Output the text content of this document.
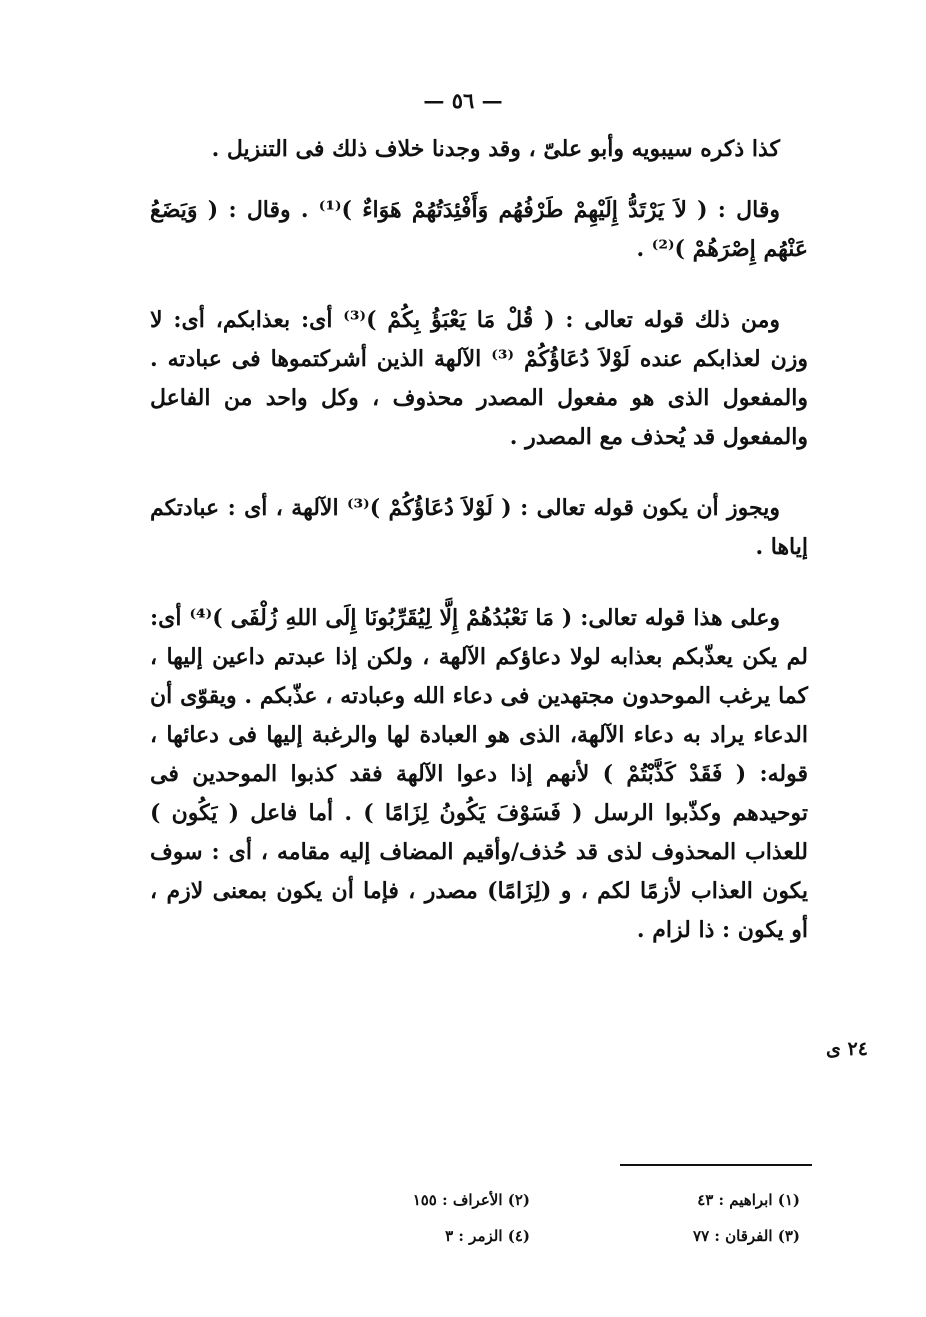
— ٥٦ —

كذا ذكره سيبويه وأبو علىّ ، وقد وجدنا خلاف ذلك فى التنزيل .

وقال : ( لاَ يَرْتَدُّ إِلَيْهِمْ طَرْفُهُم وَأَفْئِدَتُهُمْ هَوَاءٌ )⁽¹⁾ . وقال : ( وَيَضَعُ عَنْهُم إِصْرَهُمْ )⁽²⁾ .

ومن ذلك قوله تعالى : ( قُلْ مَا يَعْبَؤُ بِكُمْ )⁽³⁾ أى: بعذابكم، أى: لا وزن لعذابكم عنده لَوْلاَ دُعَاؤُكُمْ ⁽³⁾ الآلهة الذين أشركتموها فى عبادته . والمفعول الذى هو مفعول المصدر محذوف ، وكل واحد من الفاعل والمفعول قد يُحذف مع المصدر .

ويجوز أن يكون قوله تعالى : ( لَوْلاَ دُعَاؤُكُمْ )⁽³⁾ الآلهة ، أى : عبادتكم إياها .

وعلى هذا قوله تعالى: ( مَا نَعْبُدُهُمْ إِلَّا لِيُقَرِّبُونَا إِلَى اللهِ زُلْفَى )⁽⁴⁾ أى: لم يكن يعذّبكم بعذابه لولا دعاؤكم الآلهة ، ولكن إذا عبدتم داعين إليها ، كما يرغب الموحدون مجتهدين فى دعاء الله وعبادته ، عذّبكم . ويقوّى أن الدعاء يراد به دعاء الآلهة، الذى هو العبادة لها والرغبة إليها فى دعائها ، قوله: ( فَقَدْ كَذَّبْتُمْ ) لأنهم إذا دعوا الآلهة فقد كذبوا الموحدين فى توحيدهم وكذّبوا الرسل ( فَسَوْفَ يَكُونُ لِزَامًا ) . أما فاعل ( يَكُون ) للعذاب المحذوف لذى قد حُذف/وأقيم المضاف إليه مقامه ، أى : سوف يكون العذاب لأزمًا لكم ، و (لِزَامًا) مصدر ، فإما أن يكون بمعنى لازم ، أو يكون : ذا لزام .

٢٤ ى
(١) ابراهيم : ٤٣
(٢) الأعراف : ١٥٥
(٣) الفرقان : ٧٧
(٤) الزمر : ٣
